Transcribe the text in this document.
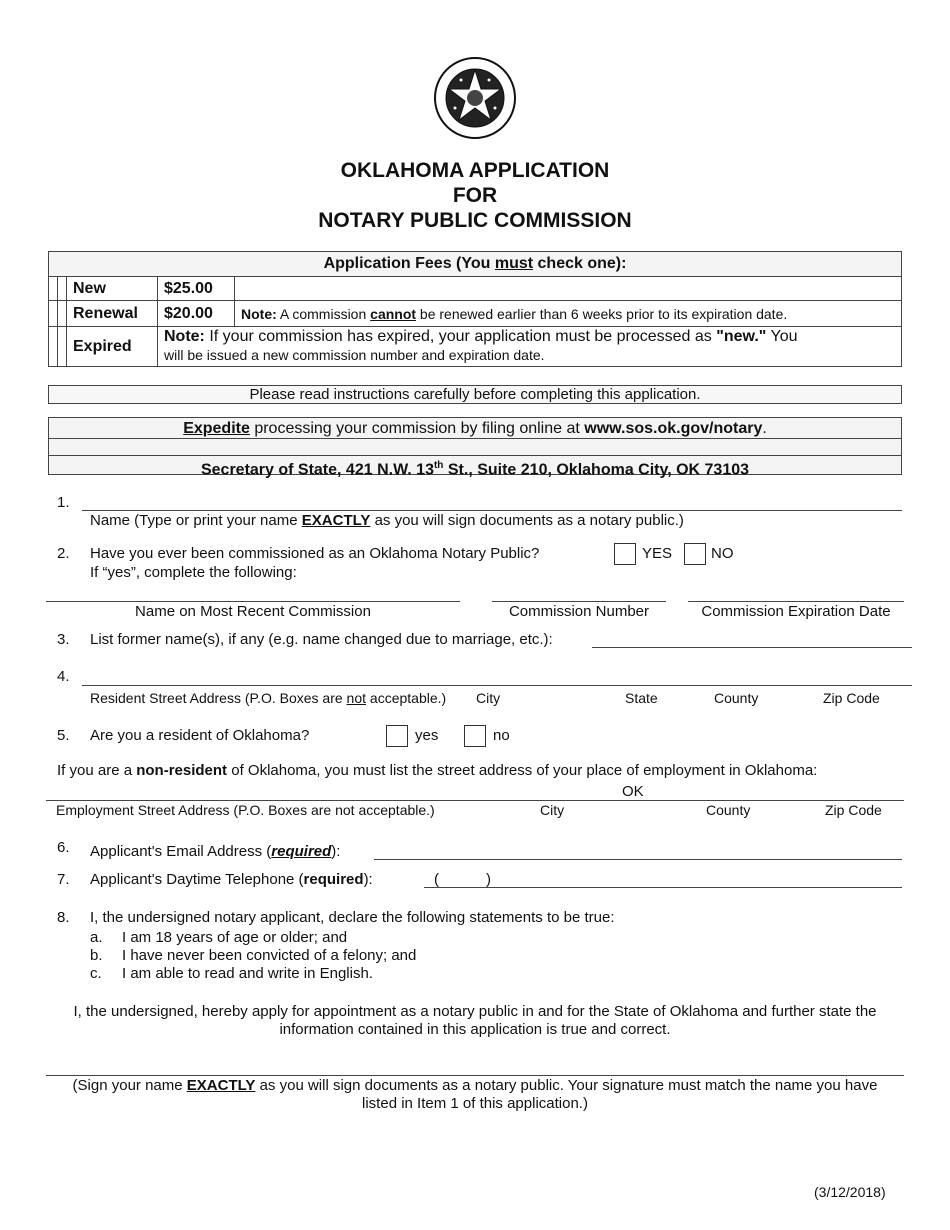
OKLAHOMA APPLICATION
FOR
NOTARY PUBLIC COMMISSION
Application Fees (You must check one):				
		New	$25.00	
		Renewal	$20.00	Note: A commission cannot be renewed earlier than 6 weeks prior to its expiration date.
		Expired	Note: If your commission has expired, your application must be processed as "new." You
will be issued a new commission number and expiration date.	
Please read instructions carefully before completing this application.
Expedite processing your commission by filing online at www.sos.ok.gov/notary.
Secretary of State, 421 N.W. 13th St., Suite 210, Oklahoma City, OK 73103
1.
Name (Type or print your name EXACTLY as you will sign documents as a notary public.)
2. Have you ever been commissioned as an Oklahoma Notary Public?
If “yes”, complete the following:
YES	NO
Name on Most Recent Commission	Commission Number	Commission Expiration Date
3. List former name(s), if any (e.g. name changed due to marriage, etc.):
4.
Resident Street Address (P.O. Boxes are not acceptable.) City	State	County	Zip Code
5. Are you a resident of Oklahoma?	yes	no
If you are a non-resident of Oklahoma, you must list the street address of your place of employment in Oklahoma:
OK
Employment Street Address (P.O. Boxes are not acceptable.)	City	County	Zip Code
6. Applicant's Email Address (required):
7. Applicant's Daytime Telephone (required):	(	)
8. I, the undersigned notary applicant, declare the following statements to be true:
a. I am 18 years of age or older; and
b. I have never been convicted of a felony; and
c. I am able to read and write in English.
I, the undersigned, hereby apply for appointment as a notary public in and for the State of Oklahoma and further state the
information contained in this application is true and correct.
(Sign your name EXACTLY as you will sign documents as a notary public. Your signature must match the name you have
listed in Item 1 of this application.)
(3/12/2018)
